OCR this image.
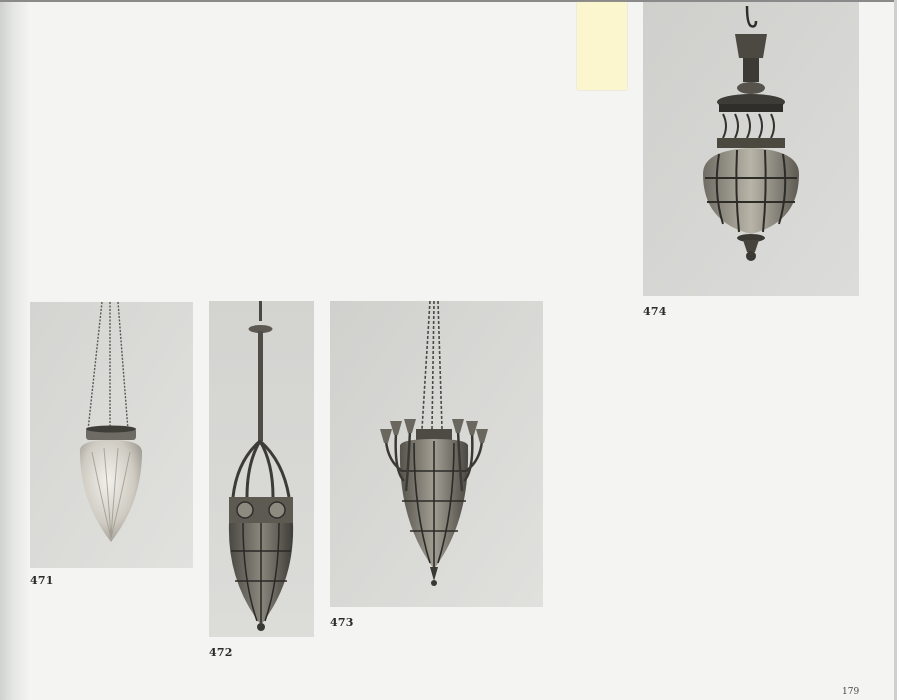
474
471
472
473
179
